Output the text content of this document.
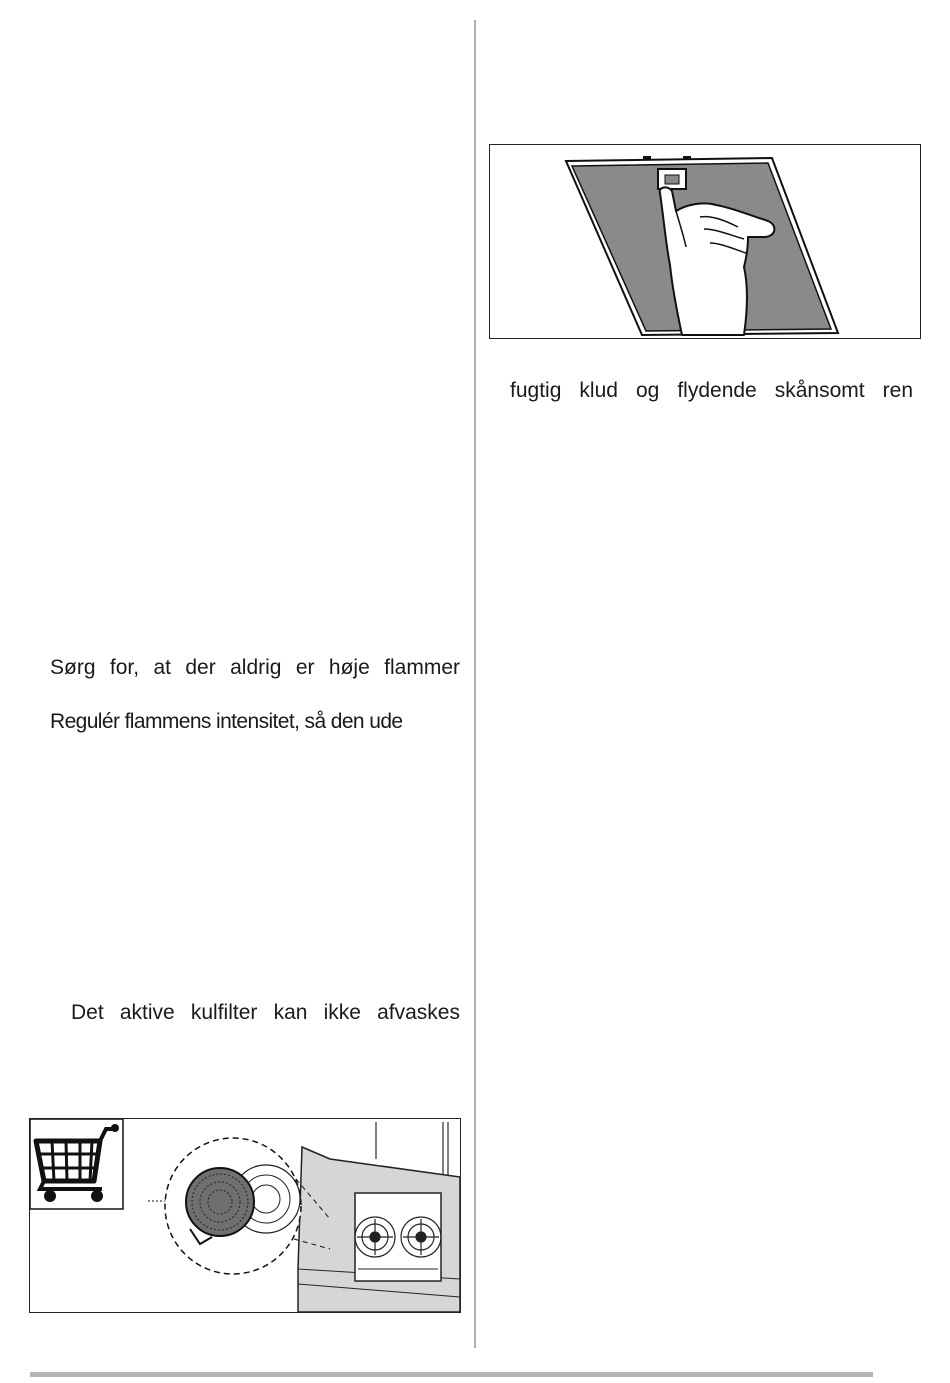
fugtig klud og flydende skånsomt ren
Sørg for, at der aldrig er høje flammer
Regulér flammens intensitet, så den ude
Det aktive kulfilter kan ikke afvaskes
